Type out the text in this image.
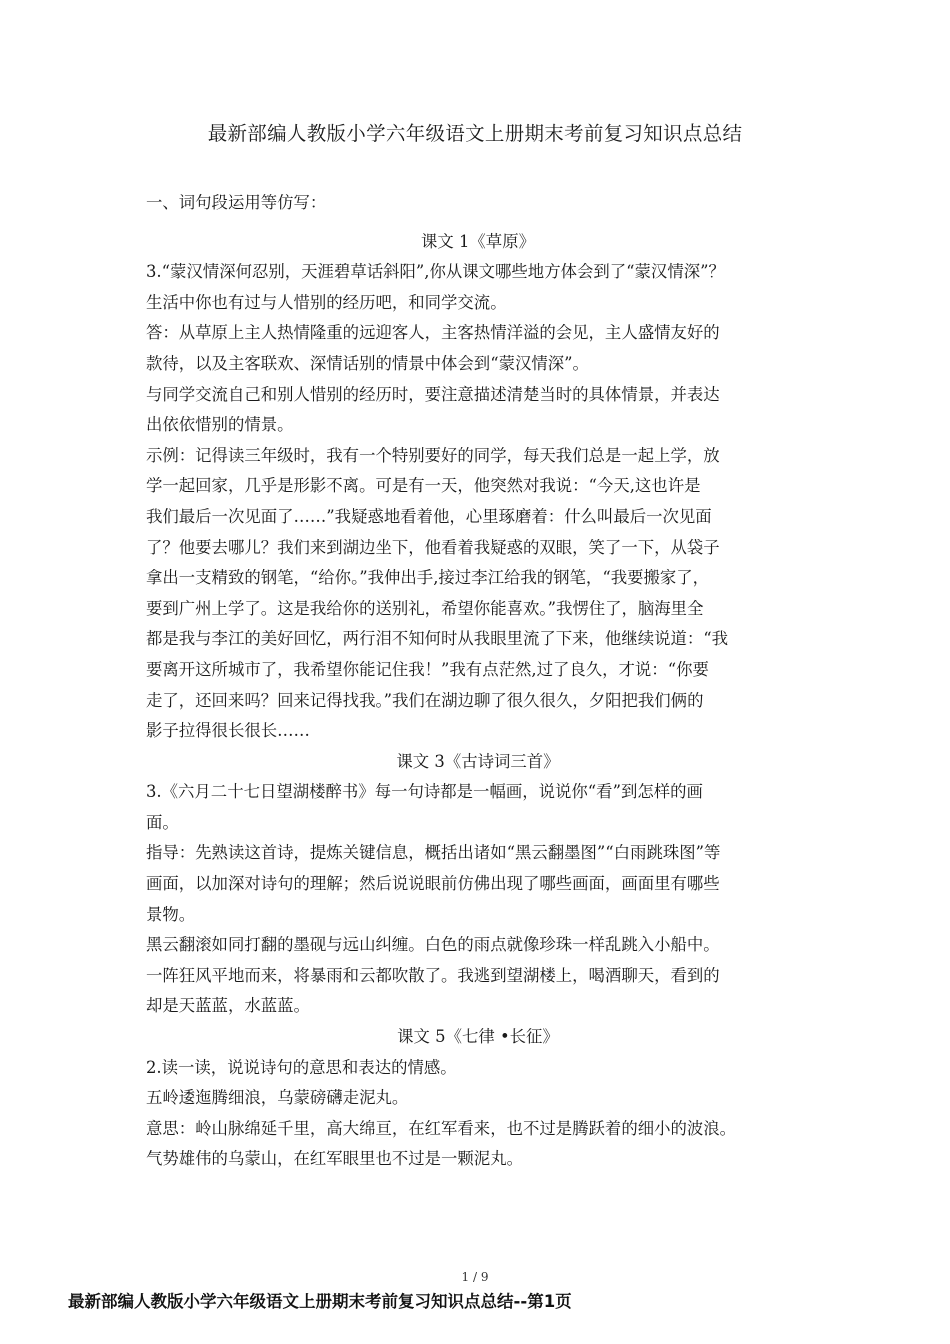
最新部编人教版小学六年级语文上册期末考前复习知识点总结
一、词句段运用等仿写：
课文 1《草原》
3.“蒙汉情深何忍别，天涯碧草话斜阳”,你从课文哪些地方体会到了“蒙汉情深”？
生活中你也有过与人惜别的经历吧，和同学交流。
答：从草原上主人热情隆重的远迎客人，主客热情洋溢的会见，主人盛情友好的
款待，以及主客联欢、深情话别的情景中体会到“蒙汉情深”。
与同学交流自己和别人惜别的经历时，要注意描述清楚当时的具体情景，并表达
出依依惜别的情景。
示例：记得读三年级时，我有一个特别要好的同学，每天我们总是一起上学，放
学一起回家，几乎是形影不离。可是有一天，他突然对我说：“今天,这也许是
我们最后一次见面了……”我疑惑地看着他，心里琢磨着：什么叫最后一次见面
了？他要去哪儿？我们来到湖边坐下，他看着我疑惑的双眼，笑了一下，从袋子
拿出一支精致的钢笔，“给你。”我伸出手,接过李江给我的钢笔，“我要搬家了，
要到广州上学了。这是我给你的送别礼，希望你能喜欢。”我愣住了，脑海里全
都是我与李江的美好回忆，两行泪不知何时从我眼里流了下来，他继续说道：“我
要离开这所城市了，我希望你能记住我！”我有点茫然,过了良久，才说：“你要
走了，还回来吗？回来记得找我。”我们在湖边聊了很久很久，夕阳把我们俩的
影子拉得很长很长……
课文 3《古诗词三首》
3.《六月二十七日望湖楼醉书》每一句诗都是一幅画，说说你“看”到怎样的画
面。
指导：先熟读这首诗，提炼关键信息，概括出诸如“黑云翻墨图”“白雨跳珠图”等
画面，以加深对诗句的理解；然后说说眼前仿佛出现了哪些画面，画面里有哪些
景物。
黑云翻滚如同打翻的墨砚与远山纠缠。白色的雨点就像珍珠一样乱跳入小船中。
一阵狂风平地而来，将暴雨和云都吹散了。我逃到望湖楼上，喝酒聊天，看到的
却是天蓝蓝，水蓝蓝。
课文 5《七律 •长征》
2.读一读，说说诗句的意思和表达的情感。
五岭逶迤腾细浪，乌蒙磅礴走泥丸。
意思：岭山脉绵延千里，高大绵亘，在红军看来，也不过是腾跃着的细小的波浪。
气势雄伟的乌蒙山，在红军眼里也不过是一颗泥丸。
1 / 9
最新部编人教版小学六年级语文上册期末考前复习知识点总结--第1页
